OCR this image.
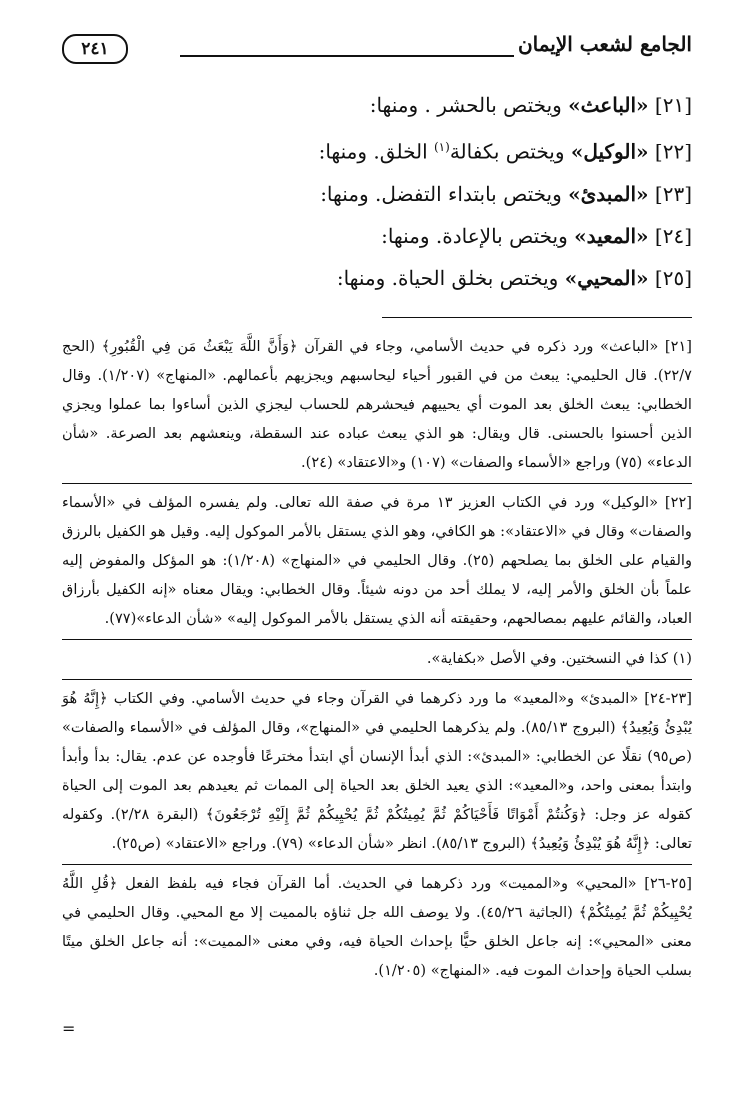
الجامع لشعب الإيمان
٢٤١

[٢١] «الباعث» ويختص بالحشر . ومنها:

[٢٢] «الوكيل» ويختص بكفالة$^{(١)}$ الخلق. ومنها:

[٢٣] «المبدئ» ويختص بابتداء التفضل. ومنها:

[٢٤] «المعيد» ويختص بالإعادة. ومنها:

[٢٥] «المحيي» ويختص بخلق الحياة. ومنها:

[٢١] «الباعث» ورد ذكره في حديث الأسامي، وجاء في القرآن ﴿وَأَنَّ اللَّهَ يَبْعَثُ مَن فِي الْقُبُورِ﴾ (الحج ٢٢/٧). قال الحليمي: يبعث من في القبور أحياء ليحاسبهم ويجزيهم بأعمالهم. «المنهاج» (١/٢٠٧). وقال الخطابي: يبعث الخلق بعد الموت أي يحييهم فيحشرهم للحساب ليجزي الذين أساءوا بما عملوا ويجزي الذين أحسنوا بالحسنى. قال ويقال: هو الذي يبعث عباده عند السقطة، وينعشهم بعد الصرعة. «شأن الدعاء» (٧٥) وراجع «الأسماء والصفات» (١٠٧) و«الاعتقاد» (٢٤).

[٢٢] «الوكيل» ورد في الكتاب العزيز ١٣ مرة في صفة الله تعالى. ولم يفسره المؤلف في «الأسماء والصفات» وقال في «الاعتقاد»: هو الكافي، وهو الذي يستقل بالأمر الموكول إليه. وقيل هو الكفيل بالرزق والقيام على الخلق بما يصلحهم (٢٥). وقال الحليمي في «المنهاج» (١/٢٠٨): هو المؤكل والمفوض إليه علماً بأن الخلق والأمر إليه، لا يملك أحد من دونه شيئاً. وقال الخطابي: ويقال معناه «إنه الكفيل بأرزاق العباد، والقائم عليهم بمصالحهم، وحقيقته أنه الذي يستقل بالأمر الموكول إليه» «شأن الدعاء»(٧٧).

(١) كذا في النسختين. وفي الأصل «بكفاية».

[٢٣-٢٤] «المبدئ» و«المعيد» ما ورد ذكرهما في القرآن وجاء في حديث الأسامي. وفي الكتاب ﴿إِنَّهُ هُوَ يُبْدِئُ وَيُعِيدُ﴾ (البروج ٨٥/١٣). ولم يذكرهما الحليمي في «المنهاج»، وقال المؤلف في «الأسماء والصفات» (ص٩٥) نقلًا عن الخطابي: «المبدئ»: الذي أبدأ الإنسان أي ابتدأ مخترعًا فأوجده عن عدم. يقال: بدأ وأبدأ وابتدأ بمعنى واحد، و«المعيد»: الذي يعيد الخلق بعد الحياة إلى الممات ثم يعيدهم بعد الموت إلى الحياة كقوله عز وجل: ﴿وَكُنتُمْ أَمْوَاتًا فَأَحْيَاكُمْ ثُمَّ يُمِيتُكُمْ ثُمَّ يُحْيِيكُمْ ثُمَّ إِلَيْهِ تُرْجَعُونَ﴾ (البقرة ٢/٢٨). وكقوله تعالى: ﴿إِنَّهُ هُوَ يُبْدِئُ وَيُعِيدُ﴾ (البروج ٨٥/١٣). انظر «شأن الدعاء» (٧٩). وراجع «الاعتقاد» (ص٢٥).

[٢٥-٢٦] «المحيي» و«المميت» ورد ذكرهما في الحديث. أما القرآن فجاء فيه بلفظ الفعل ﴿قُلِ اللَّهُ يُحْيِيكُمْ ثُمَّ يُمِيتُكُمْ﴾ (الجاثية ٤٥/٢٦). ولا يوصف الله جل ثناؤه بالمميت إلا مع المحيي. وقال الحليمي في معنى «المحيي»: إنه جاعل الخلق حيًّا بإحداث الحياة فيه، وفي معنى «المميت»: أنه جاعل الخلق ميتًا بسلب الحياة وإحداث الموت فيه. «المنهاج» (١/٢٠٥).

=
